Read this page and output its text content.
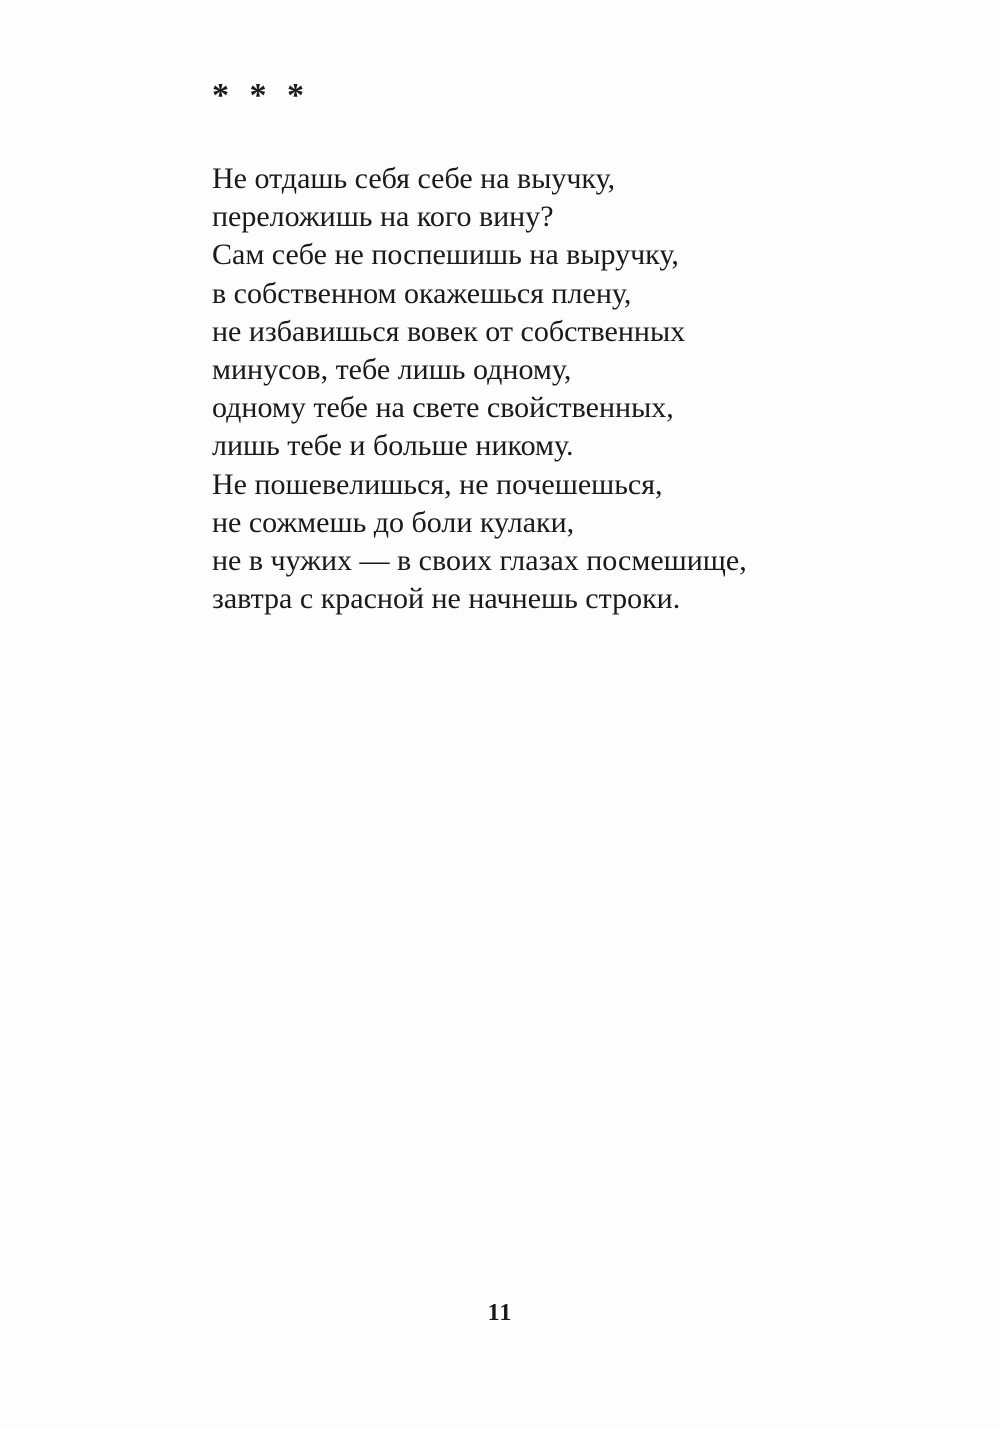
* * *
Не отдашь себя себе на выучку,
переложишь на кого вину?
Сам себе не поспешишь на выручку,
в собственном окажешься плену,
не избавишься вовек от собственных
минусов, тебе лишь одному,
одному тебе на свете свойственных,
лишь тебе и больше никому.
Не пошевелишься, не почешешься,
не сожмешь до боли кулаки,
не в чужих — в своих глазах посмешище,
завтра с красной не начнешь строки.
11
